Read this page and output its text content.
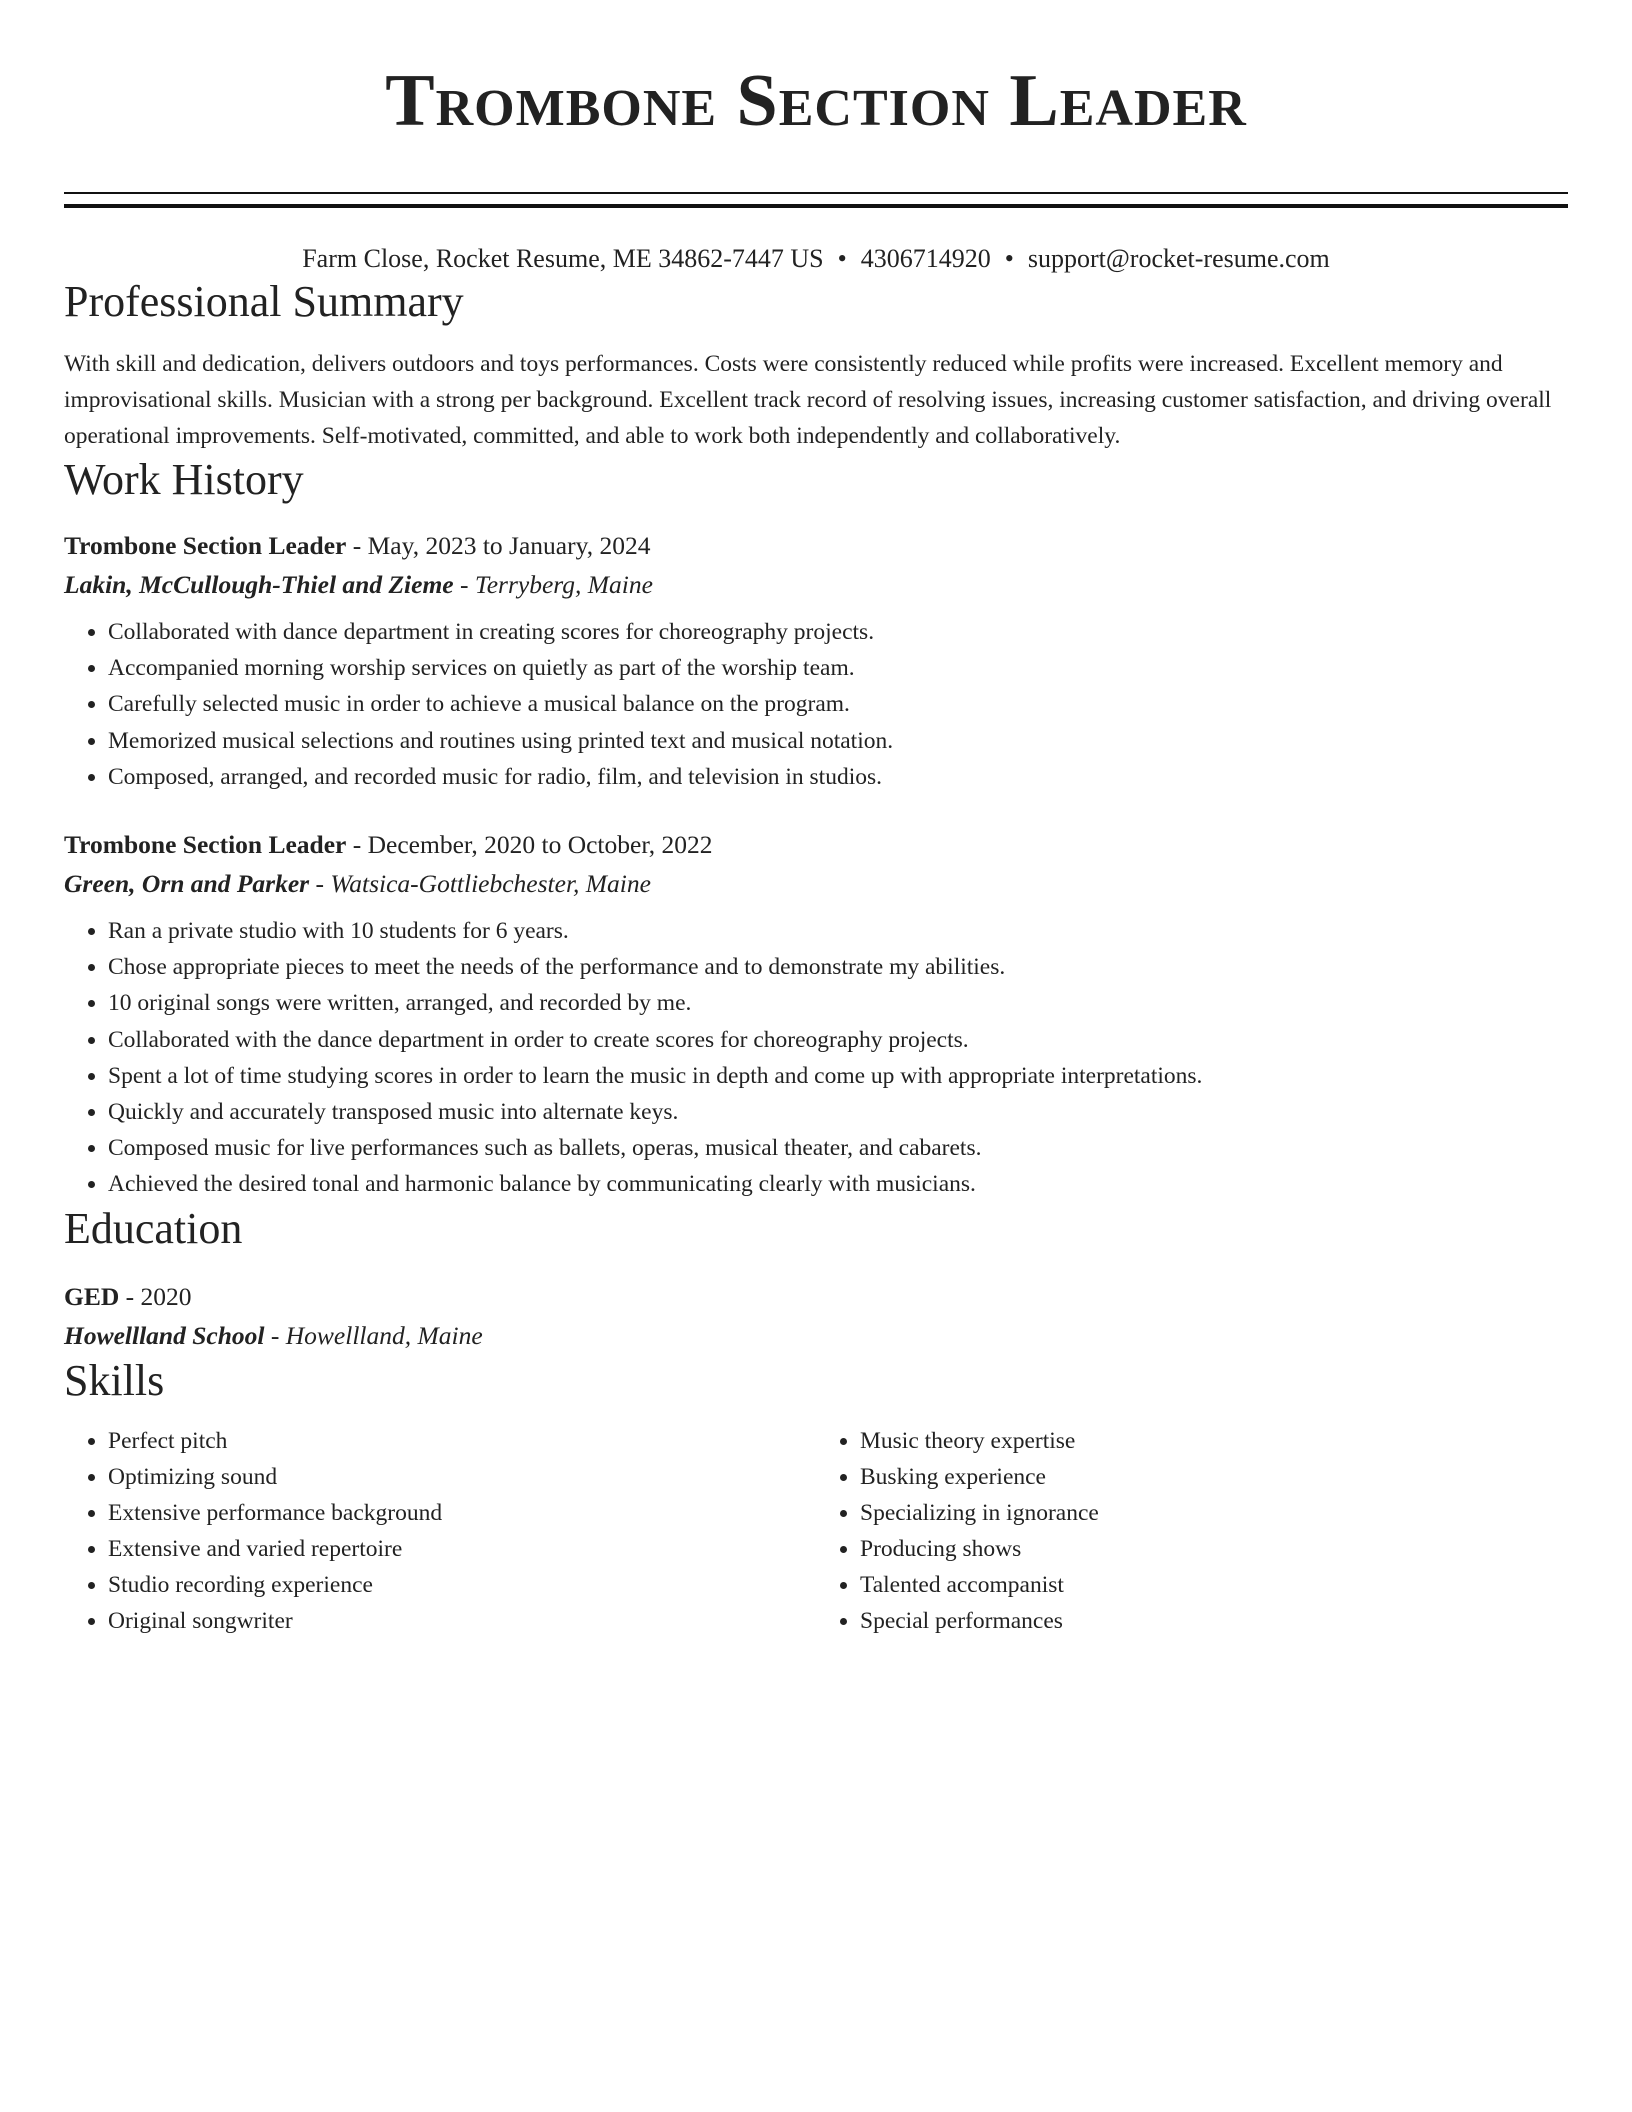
Trombone Section Leader
Farm Close, Rocket Resume, ME 34862-7447 US • 4306714920 • support@rocket-resume.com
Professional Summary
With skill and dedication, delivers outdoors and toys performances. Costs were consistently reduced while profits were increased. Excellent memory and improvisational skills. Musician with a strong per background. Excellent track record of resolving issues, increasing customer satisfaction, and driving overall operational improvements. Self-motivated, committed, and able to work both independently and collaboratively.
Work History
Trombone Section Leader - May, 2023 to January, 2024
Lakin, McCullough-Thiel and Zieme - Terryberg, Maine
• Collaborated with dance department in creating scores for choreography projects.
• Accompanied morning worship services on quietly as part of the worship team.
• Carefully selected music in order to achieve a musical balance on the program.
• Memorized musical selections and routines using printed text and musical notation.
• Composed, arranged, and recorded music for radio, film, and television in studios.
Trombone Section Leader - December, 2020 to October, 2022
Green, Orn and Parker - Watsica-Gottliebchester, Maine
• Ran a private studio with 10 students for 6 years.
• Chose appropriate pieces to meet the needs of the performance and to demonstrate my abilities.
• 10 original songs were written, arranged, and recorded by me.
• Collaborated with the dance department in order to create scores for choreography projects.
• Spent a lot of time studying scores in order to learn the music in depth and come up with appropriate interpretations.
• Quickly and accurately transposed music into alternate keys.
• Composed music for live performances such as ballets, operas, musical theater, and cabarets.
• Achieved the desired tonal and harmonic balance by communicating clearly with musicians.
Education
GED - 2020
Howellland School - Howellland, Maine
Skills
• Perfect pitch
• Optimizing sound
• Extensive performance background
• Extensive and varied repertoire
• Studio recording experience
• Original songwriter
• Music theory expertise
• Busking experience
• Specializing in ignorance
• Producing shows
• Talented accompanist
• Special performances
